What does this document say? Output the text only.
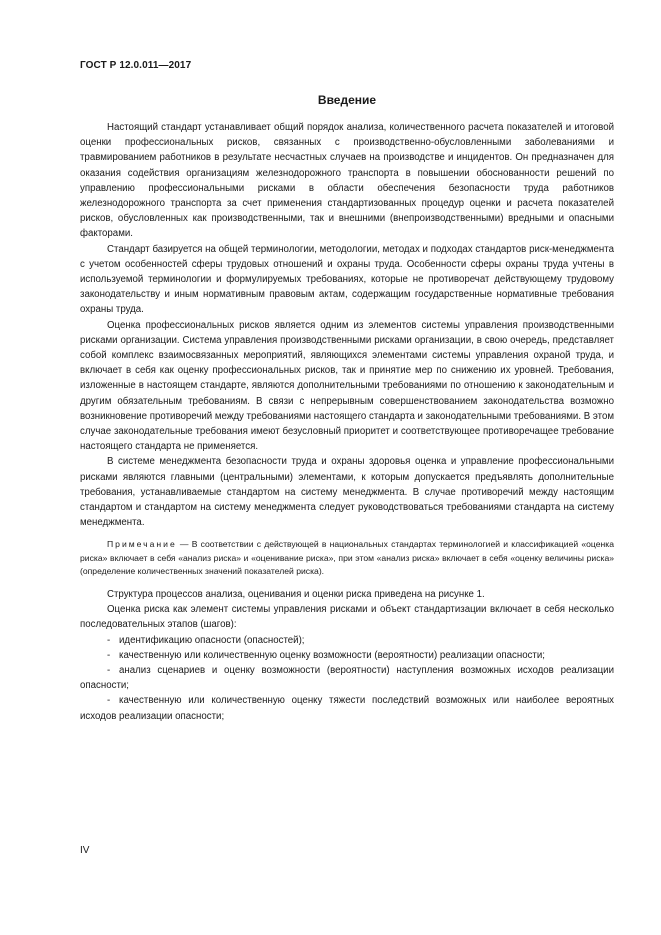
ГОСТ Р 12.0.011—2017
Введение

Настоящий стандарт устанавливает общий порядок анализа, количественного расчета показателей и итоговой оценки профессиональных рисков, связанных с производственно-обусловленными заболеваниями и травмированием работников в результате несчастных случаев на производстве и инцидентов. Он предназначен для оказания содействия организациям железнодорожного транспорта в повышении обоснованности решений по управлению профессиональными рисками в области обеспечения безопасности труда работников железнодорожного транспорта за счет применения стандартизованных процедур оценки и расчета показателей рисков, обусловленных как производственными, так и внешними (внепроизводственными) вредными и опасными факторами.

Стандарт базируется на общей терминологии, методологии, методах и подходах стандартов риск-менеджмента с учетом особенностей сферы трудовых отношений и охраны труда. Особенности сферы охраны труда учтены в используемой терминологии и формулируемых требованиях, которые не противоречат действующему трудовому законодательству и иным нормативным правовым актам, содержащим государственные нормативные требования охраны труда.

Оценка профессиональных рисков является одним из элементов системы управления производственными рисками организации. Система управления производственными рисками организации, в свою очередь, представляет собой комплекс взаимосвязанных мероприятий, являющихся элементами системы управления охраной труда, и включает в себя как оценку профессиональных рисков, так и принятие мер по снижению их уровней. Требования, изложенные в настоящем стандарте, являются дополнительными требованиями по отношению к законодательным и другим обязательным требованиям. В связи с непрерывным совершенствованием законодательства возможно возникновение противоречий между требованиями настоящего стандарта и законодательными требованиями. В этом случае законодательные требования имеют безусловный приоритет и соответствующее противоречащее требование настоящего стандарта не применяется.

В системе менеджмента безопасности труда и охраны здоровья оценка и управление профессиональными рисками являются главными (центральными) элементами, к которым допускается предъявлять дополнительные требования, устанавливаемые стандартом на систему менеджмента. В случае противоречий между настоящим стандартом и стандартом на систему менеджмента следует руководствоваться требованиями стандарта на систему менеджмента.

Примечание — В соответствии с действующей в национальных стандартах терминологией и классификацией «оценка риска» включает в себя «анализ риска» и «оценивание риска», при этом «анализ риска» включает в себя «оценку величины риска» (определение количественных значений показателей риска).

Структура процессов анализа, оценивания и оценки риска приведена на рисунке 1.

Оценка риска как элемент системы управления рисками и объект стандартизации включает в себя несколько последовательных этапов (шагов):

- идентификацию опасности (опасностей);
- качественную или количественную оценку возможности (вероятности) реализации опасности;
- анализ сценариев и оценку возможности (вероятности) наступления возможных исходов реализации опасности;
- качественную или количественную оценку тяжести последствий возможных или наиболее вероятных исходов реализации опасности;
IV
